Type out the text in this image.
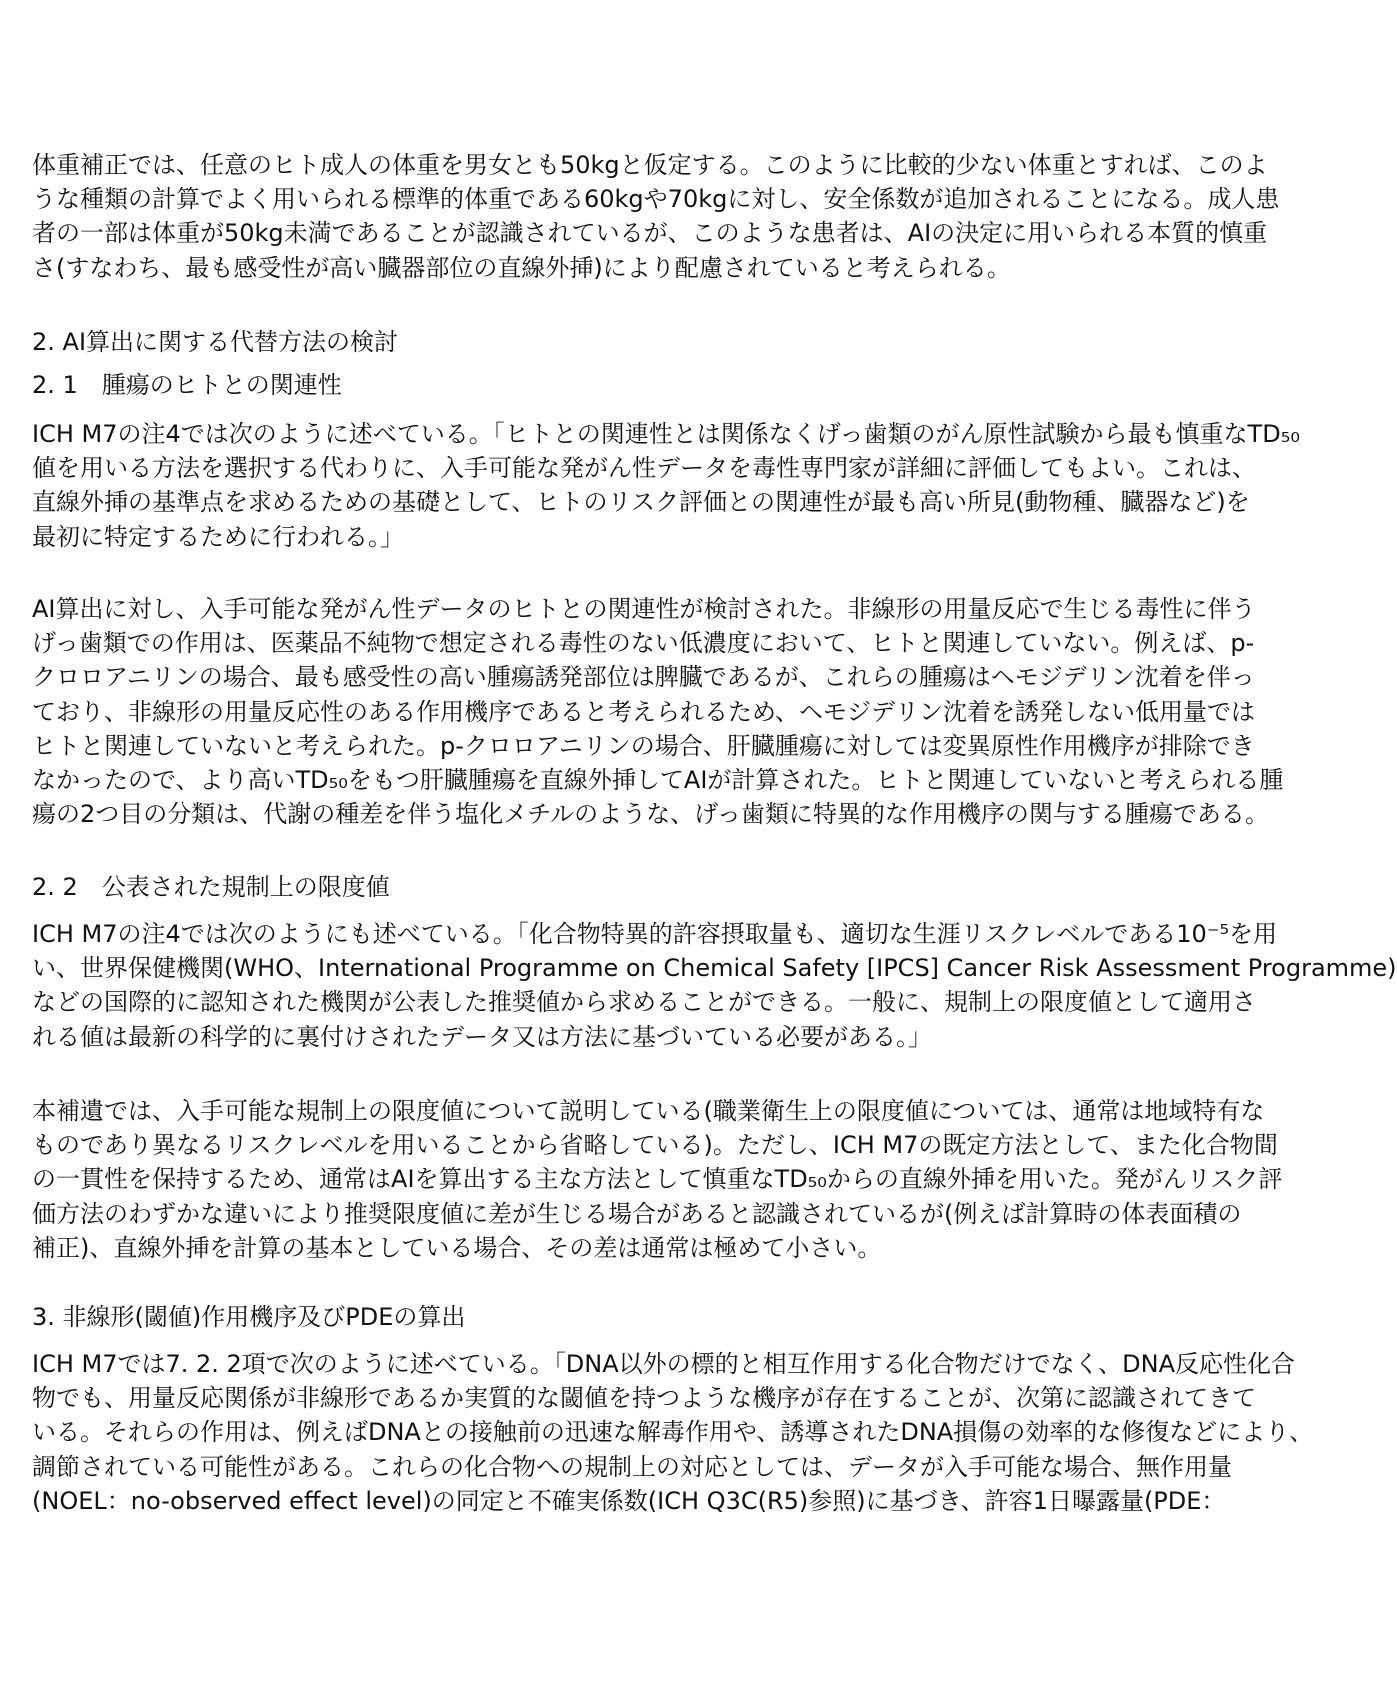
体重補正では、任意のヒト成人の体重を男女とも50kgと仮定する。このように比較的少ない体重とすれば、このよ
うな種類の計算でよく用いられる標準的体重である60kgや70kgに対し、安全係数が追加されることになる。成人患
者の一部は体重が50kg未満であることが認識されているが、このような患者は、AIの決定に用いられる本質的慎重
さ(すなわち、最も感受性が高い臓器部位の直線外挿)により配慮されていると考えられる。
2. AI算出に関する代替方法の検討
2. 1　腫瘍のヒトとの関連性
ICH M7の注4では次のように述べている。「ヒトとの関連性とは関係なくげっ歯類のがん原性試験から最も慎重なTD₅₀
値を用いる方法を選択する代わりに、入手可能な発がん性データを毒性専門家が詳細に評価してもよい。これは、
直線外挿の基準点を求めるための基礎として、ヒトのリスク評価との関連性が最も高い所見(動物種、臓器など)を
最初に特定するために行われる。」
AI算出に対し、入手可能な発がん性データのヒトとの関連性が検討された。非線形の用量反応で生じる毒性に伴う
げっ歯類での作用は、医薬品不純物で想定される毒性のない低濃度において、ヒトと関連していない。例えば、p-
クロロアニリンの場合、最も感受性の高い腫瘍誘発部位は脾臓であるが、これらの腫瘍はヘモジデリン沈着を伴っ
ており、非線形の用量反応性のある作用機序であると考えられるため、ヘモジデリン沈着を誘発しない低用量では
ヒトと関連していないと考えられた。p-クロロアニリンの場合、肝臓腫瘍に対しては変異原性作用機序が排除でき
なかったので、より高いTD₅₀をもつ肝臓腫瘍を直線外挿してAIが計算された。ヒトと関連していないと考えられる腫
瘍の2つ目の分類は、代謝の種差を伴う塩化メチルのような、げっ歯類に特異的な作用機序の関与する腫瘍である。
2. 2　公表された規制上の限度値
ICH M7の注4では次のようにも述べている。「化合物特異的許容摂取量も、適切な生涯リスクレベルである10⁻⁵を用
い、世界保健機関(WHO、International Programme on Chemical Safety [IPCS] Cancer Risk Assessment Programme)
などの国際的に認知された機関が公表した推奨値から求めることができる。一般に、規制上の限度値として適用さ
れる値は最新の科学的に裏付けされたデータ又は方法に基づいている必要がある。」
本補遺では、入手可能な規制上の限度値について説明している(職業衛生上の限度値については、通常は地域特有な
ものであり異なるリスクレベルを用いることから省略している)。ただし、ICH M7の既定方法として、また化合物間
の一貫性を保持するため、通常はAIを算出する主な方法として慎重なTD₅₀からの直線外挿を用いた。発がんリスク評
価方法のわずかな違いにより推奨限度値に差が生じる場合があると認識されているが(例えば計算時の体表面積の
補正)、直線外挿を計算の基本としている場合、その差は通常は極めて小さい。
3. 非線形(閾値)作用機序及びPDEの算出
ICH M7では7. 2. 2項で次のように述べている。「DNA以外の標的と相互作用する化合物だけでなく、DNA反応性化合
物でも、用量反応関係が非線形であるか実質的な閾値を持つような機序が存在することが、次第に認識されてきて
いる。それらの作用は、例えばDNAとの接触前の迅速な解毒作用や、誘導されたDNA損傷の効率的な修復などにより、
調節されている可能性がある。これらの化合物への規制上の対応としては、データが入手可能な場合、無作用量
(NOEL：no-observed effect level)の同定と不確実係数(ICH Q3C(R5)参照)に基づき、許容1日曝露量(PDE：
